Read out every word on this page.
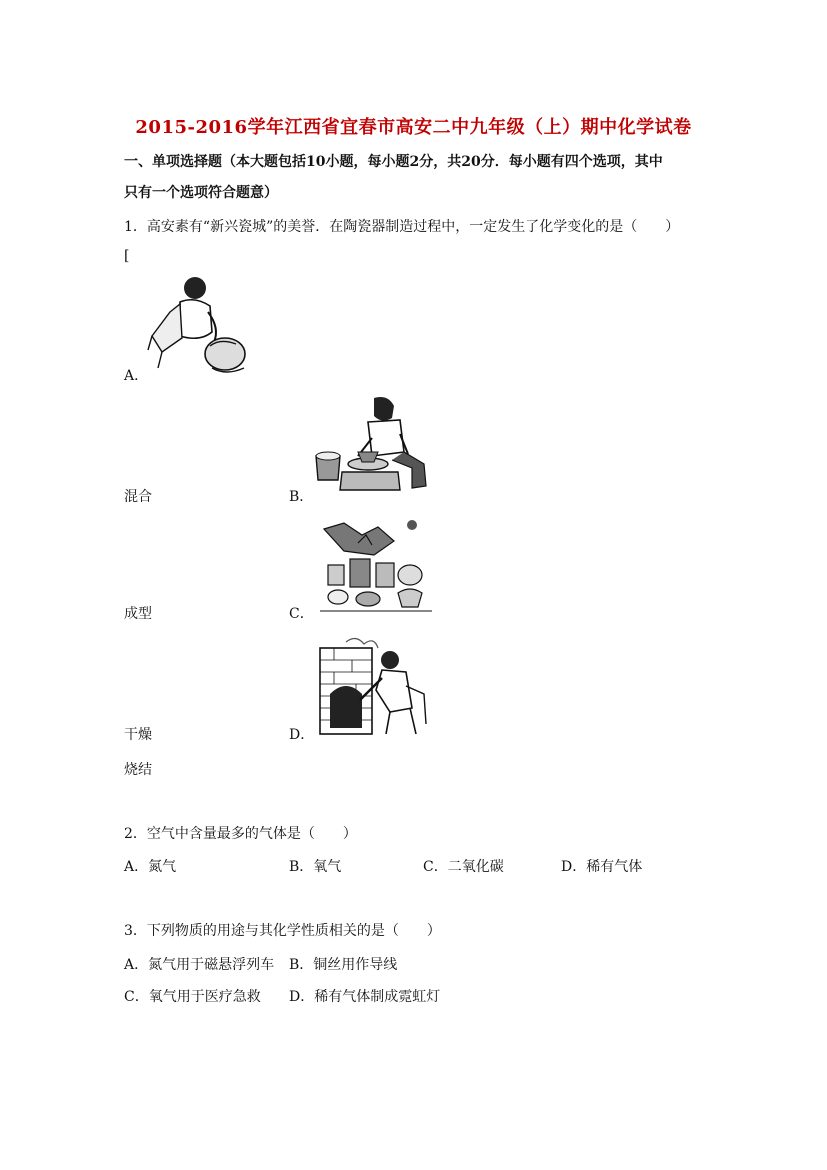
2015-2016学年江西省宜春市高安二中九年级（上）期中化学试卷
一、单项选择题（本大题包括10小题，每小题2分，共20分．每小题有四个选项，其中
只有一个选项符合题意）
1．高安素有“新兴瓷城”的美誉．在陶瓷器制造过程中，一定发生了化学变化的是（　　）
[
A．
混合	B．
成型	C．
干燥	D．
烧结
2．空气中含量最多的气体是（　　）
A．氮气	B．氧气	C．二氧化碳	D．稀有气体
3．下列物质的用途与其化学性质相关的是（　　）
A．氮气用于磁悬浮列车 B．铜丝用作导线
C．氧气用于医疗急救 D．稀有气体制成霓虹灯
